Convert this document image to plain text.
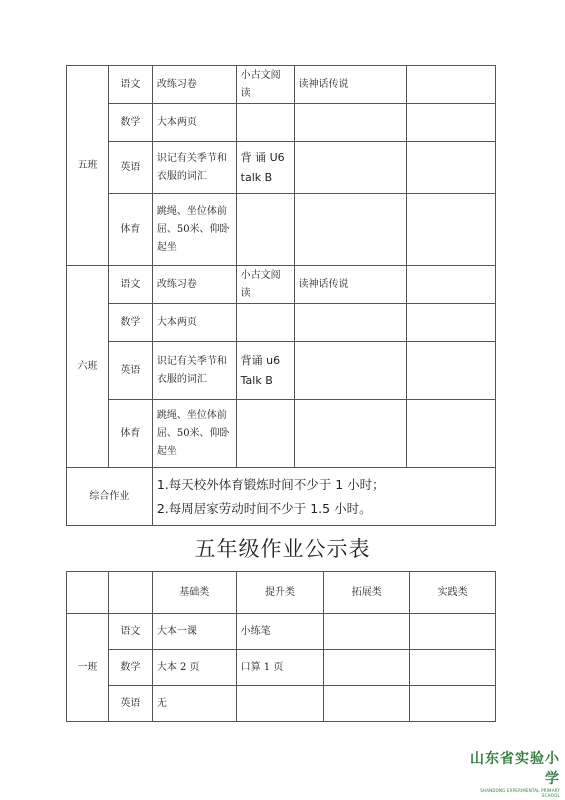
五班	语文	改练习卷	小古文阅读	读神话传说	
	数学	大本两页			
	英语	识记有关季节和衣服的词汇	背 诵 U6 talk B		
	体育	跳绳、坐位体前屈、50米、仰卧起坐			
六班	语文	改练习卷	小古文阅读	读神话传说	
	数学	大本两页			
	英语	识记有关季节和衣服的词汇	背诵 u6 Talk B		
	体育	跳绳、坐位体前屈、50米、仰卧起坐			
综合作业		1.每天校外体育锻炼时间不少于 1 小时；
2.每周居家劳动时间不少于 1.5 小时。			
五年级作业公示表
		基础类	提升类	拓展类	实践类
一班	语文	大本一课	小练笔		
	数学	大本 2 页	口算 1 页		
	英语	无			
山东省实验小学
SHANDONG EXPERIMENTAL PRIMARY SCHOOL
